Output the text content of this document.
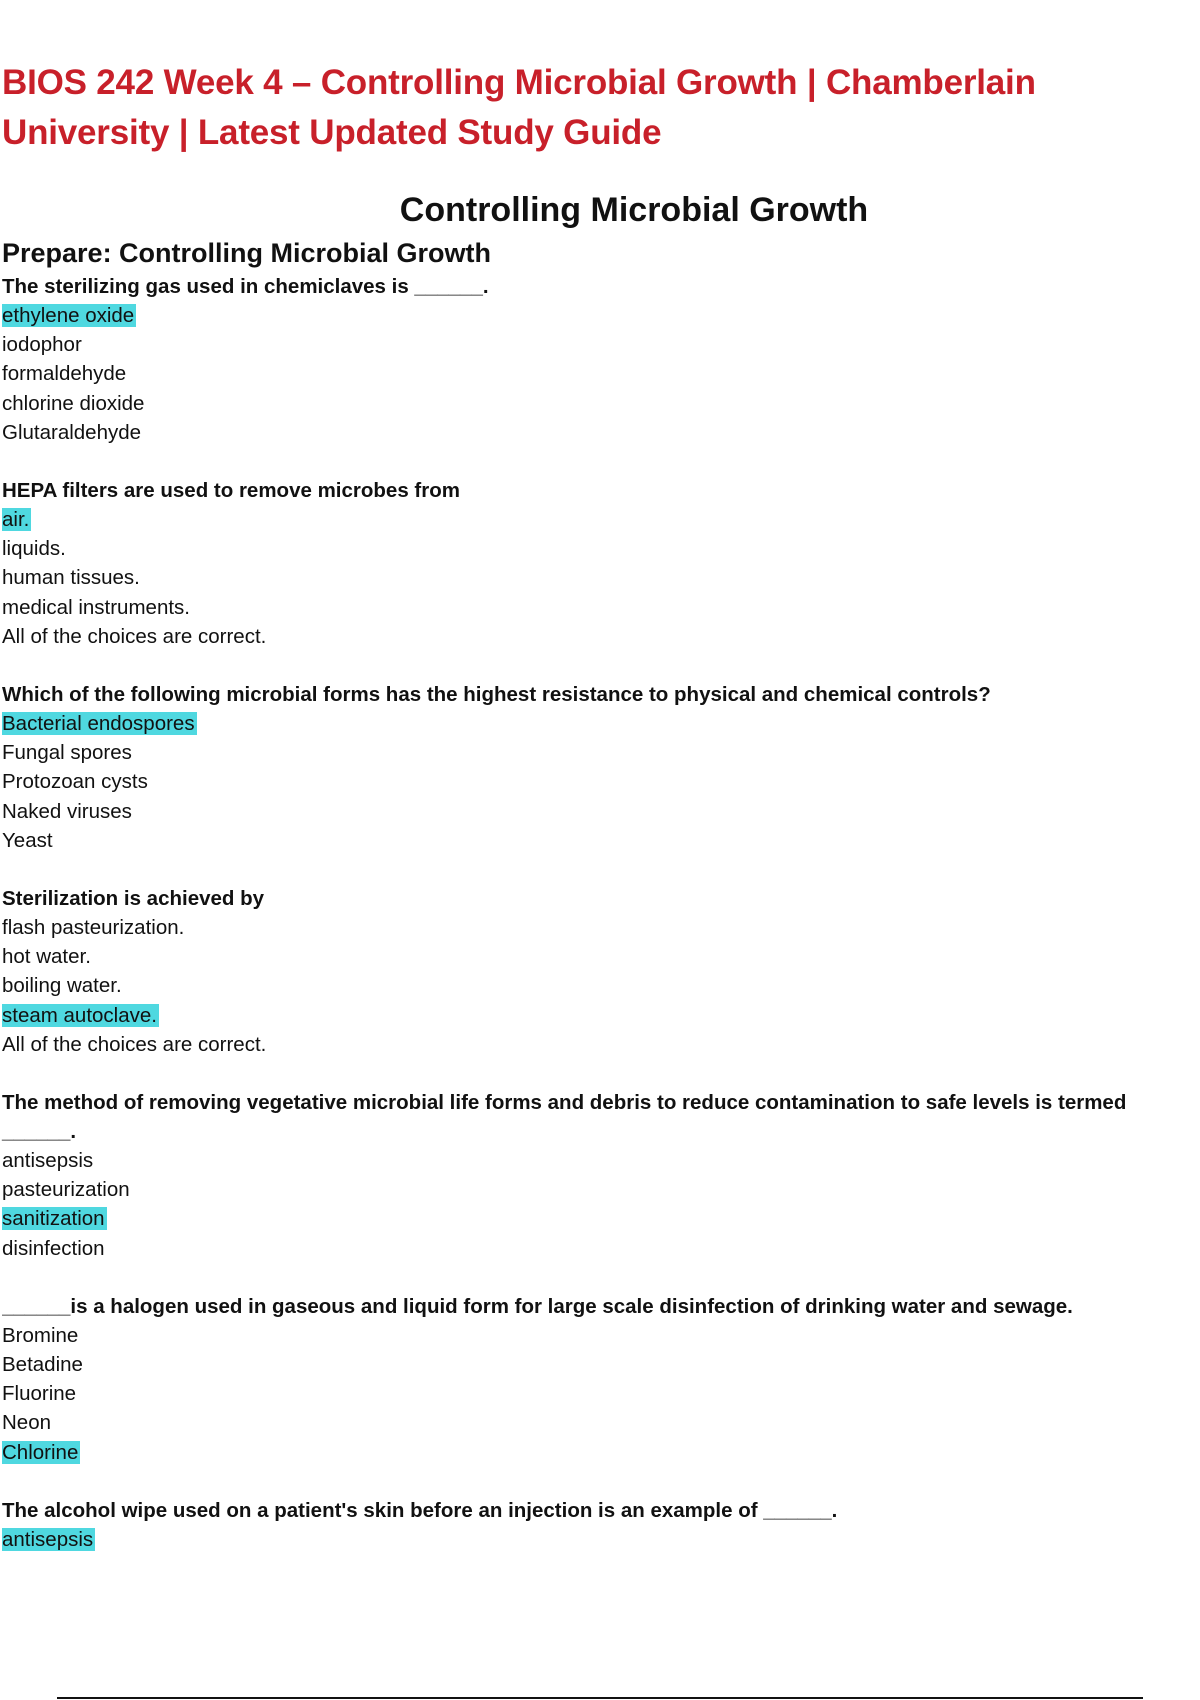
BIOS 242 Week 4 – Controlling Microbial Growth | Chamberlain University | Latest Updated Study Guide
Controlling Microbial Growth
Prepare: Controlling Microbial Growth
The sterilizing gas used in chemiclaves is ______.
ethylene oxide
iodophor
formaldehyde
chlorine dioxide
Glutaraldehyde
HEPA filters are used to remove microbes from
air.
liquids.
human tissues.
medical instruments.
All of the choices are correct.
Which of the following microbial forms has the highest resistance to physical and chemical controls?
Bacterial endospores
Fungal spores
Protozoan cysts
Naked viruses
Yeast
Sterilization is achieved by
flash pasteurization.
hot water.
boiling water.
steam autoclave.
All of the choices are correct.
The method of removing vegetative microbial life forms and debris to reduce contamination to safe levels is termed
______.
antisepsis
pasteurization
sanitization
disinfection
______is a halogen used in gaseous and liquid form for large scale disinfection of drinking water and sewage.
Bromine
Betadine
Fluorine
Neon
Chlorine
The alcohol wipe used on a patient's skin before an injection is an example of ______.
antisepsis
